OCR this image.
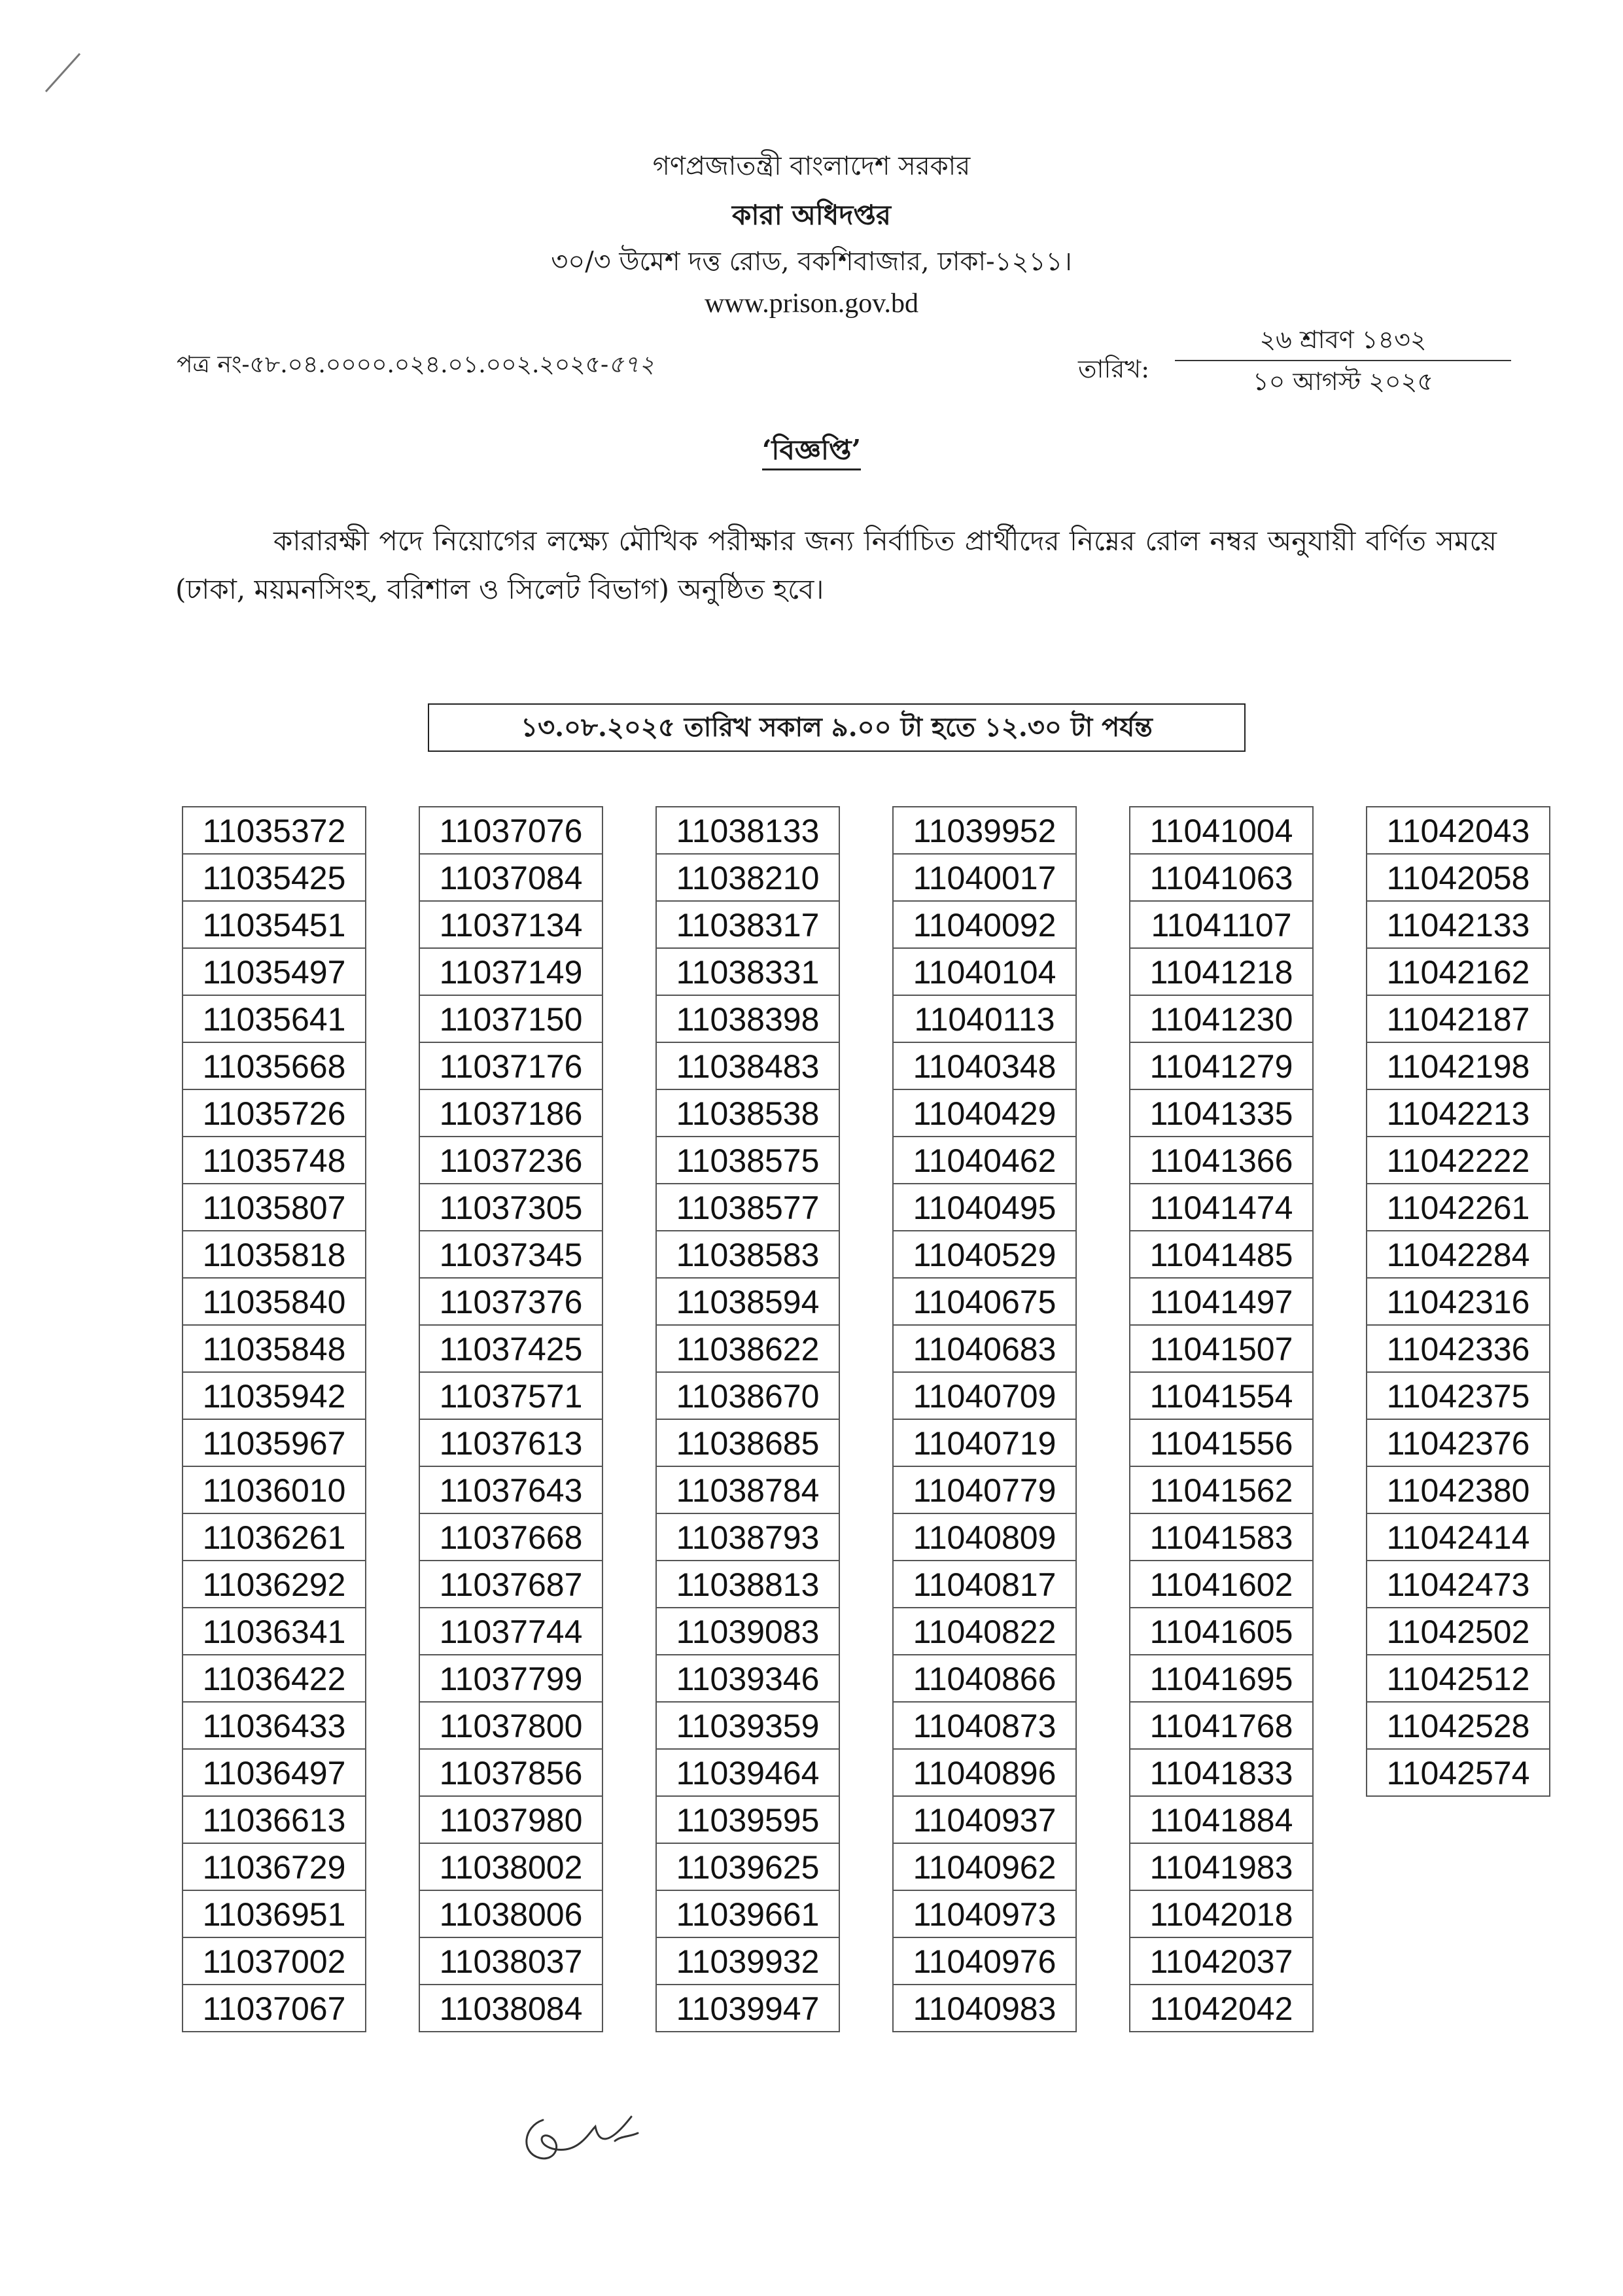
গণপ্রজাতন্ত্রী বাংলাদেশ সরকার
কারা অধিদপ্তর
৩০/৩ উমেশ দত্ত রোড, বকশিবাজার, ঢাকা-১২১১।
www.prison.gov.bd
পত্র নং-৫৮.০৪.০০০০.০২৪.০১.০০২.২০২৫-৫৭২	তারিখ:
২৬ শ্রাবণ ১৪৩২
১০ আগস্ট ২০২৫
‘বিজ্ঞপ্তি’
কারারক্ষী পদে নিয়োগের লক্ষ্যে মৌখিক পরীক্ষার জন্য নির্বাচিত প্রার্থীদের নিম্নের রোল নম্বর অনুযায়ী বর্ণিত সময়ে (ঢাকা, ময়মনসিংহ, বরিশাল ও সিলেট বিভাগ) অনুষ্ঠিত হবে।
১৩.০৮.২০২৫ তারিখ সকাল ৯.০০ টা হতে ১২.৩০ টা পর্যন্ত
11035372
11035425
11035451
11035497
11035641
11035668
11035726
11035748
11035807
11035818
11035840
11035848
11035942
11035967
11036010
11036261
11036292
11036341
11036422
11036433
11036497
11036613
11036729
11036951
11037002
11037067
11037076
11037084
11037134
11037149
11037150
11037176
11037186
11037236
11037305
11037345
11037376
11037425
11037571
11037613
11037643
11037668
11037687
11037744
11037799
11037800
11037856
11037980
11038002
11038006
11038037
11038084
11038133
11038210
11038317
11038331
11038398
11038483
11038538
11038575
11038577
11038583
11038594
11038622
11038670
11038685
11038784
11038793
11038813
11039083
11039346
11039359
11039464
11039595
11039625
11039661
11039932
11039947
11039952
11040017
11040092
11040104
11040113
11040348
11040429
11040462
11040495
11040529
11040675
11040683
11040709
11040719
11040779
11040809
11040817
11040822
11040866
11040873
11040896
11040937
11040962
11040973
11040976
11040983
11041004
11041063
11041107
11041218
11041230
11041279
11041335
11041366
11041474
11041485
11041497
11041507
11041554
11041556
11041562
11041583
11041602
11041605
11041695
11041768
11041833
11041884
11041983
11042018
11042037
11042042
11042043
11042058
11042133
11042162
11042187
11042198
11042213
11042222
11042261
11042284
11042316
11042336
11042375
11042376
11042380
11042414
11042473
11042502
11042512
11042528
11042574
